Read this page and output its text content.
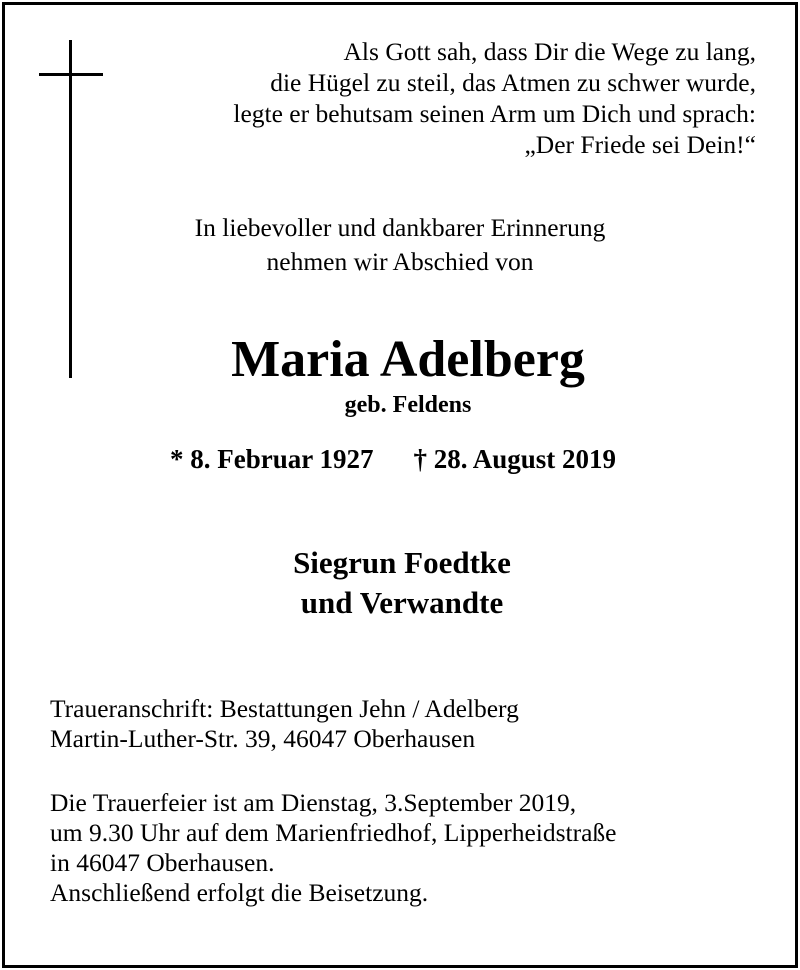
Als Gott sah, dass Dir die Wege zu lang,
die Hügel zu steil, das Atmen zu schwer wurde,
legte er behutsam seinen Arm um Dich und sprach:
„Der Friede sei Dein!“
In liebevoller und dankbarer Erinnerung
nehmen wir Abschied von
Maria Adelberg
geb. Feldens
* 8. Februar 1927 † 28. August 2019
Siegrun Foedtke
und Verwandte
Traueranschrift: Bestattungen Jehn / Adelberg
Martin-Luther-Str. 39, 46047 Oberhausen
Die Trauerfeier ist am Dienstag, 3.September 2019,
um 9.30 Uhr auf dem Marienfriedhof, Lipperheidstraße
in 46047 Oberhausen.
Anschließend erfolgt die Beisetzung.
